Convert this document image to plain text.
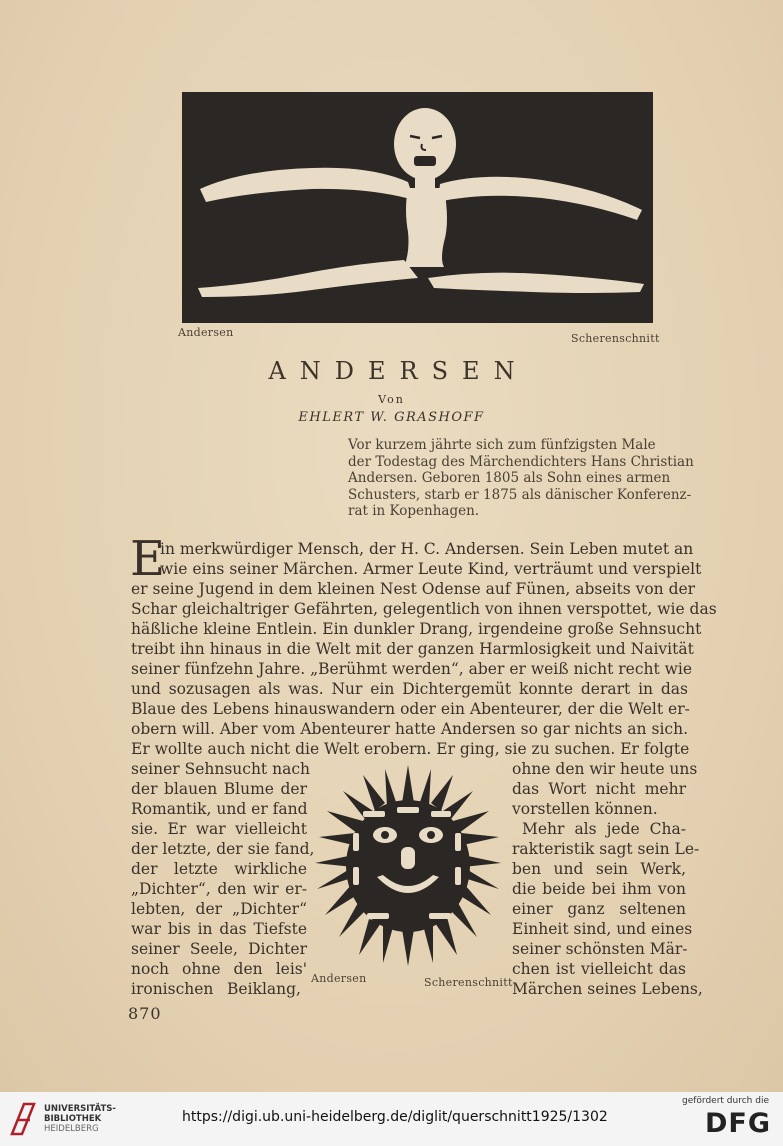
Andersen	Scherenschnitt
ANDERSEN
Von
EHLERT W. GRASHOFF
Vor kurzem jährte sich zum fünfzigsten Male
der Todestag des Märchendichters Hans Christian
Andersen. Geboren 1805 als Sohn eines armen
Schusters, starb er 1875 als dänischer Konferenz-
rat in Kopenhagen.
E
in merkwürdiger Mensch, der H. C. Andersen. Sein Leben mutet an
wie eins seiner Märchen. Armer Leute Kind, verträumt und verspielt
er seine Jugend in dem kleinen Nest Odense auf Fünen, abseits von der
Schar gleichaltriger Gefährten, gelegentlich von ihnen verspottet, wie das
häßliche kleine Entlein. Ein dunkler Drang, irgendeine große Sehnsucht
treibt ihn hinaus in die Welt mit der ganzen Harmlosigkeit und Naivität
seiner fünfzehn Jahre. „Berühmt werden“, aber er weiß nicht recht wie
und sozusagen als was. Nur ein Dichtergemüt konnte derart in das
Blaue des Lebens hinauswandern oder ein Abenteurer, der die Welt er-
obern will. Aber vom Abenteurer hatte Andersen so gar nichts an sich.
Er wollte auch nicht die Welt erobern. Er ging, sie zu suchen. Er folgte
seiner Sehnsucht nach
der blauen Blume der
Romantik, und er fand
sie. Er war vielleicht
der letzte, der sie fand,
der letzte wirkliche
„Dichter“, den wir er-
lebten, der „Dichter“
war bis in das Tiefste
seiner Seele, Dichter
noch ohne den leis'
ironischen Beiklang,
ohne den wir heute uns
das Wort nicht mehr
vorstellen können.
Mehr als jede Cha-
rakteristik sagt sein Le-
ben und sein Werk,
die beide bei ihm von
einer ganz seltenen
Einheit sind, und eines
seiner schönsten Mär-
chen ist vielleicht das
Märchen seines Lebens,
Andersen	Scherenschnitt
870
UNIVERSITÄTS-
BIBLIOTHEK
HEIDELBERG
https://digi.ub.uni-heidelberg.de/diglit/querschnitt1925/1302
gefördert durch die
DFG
